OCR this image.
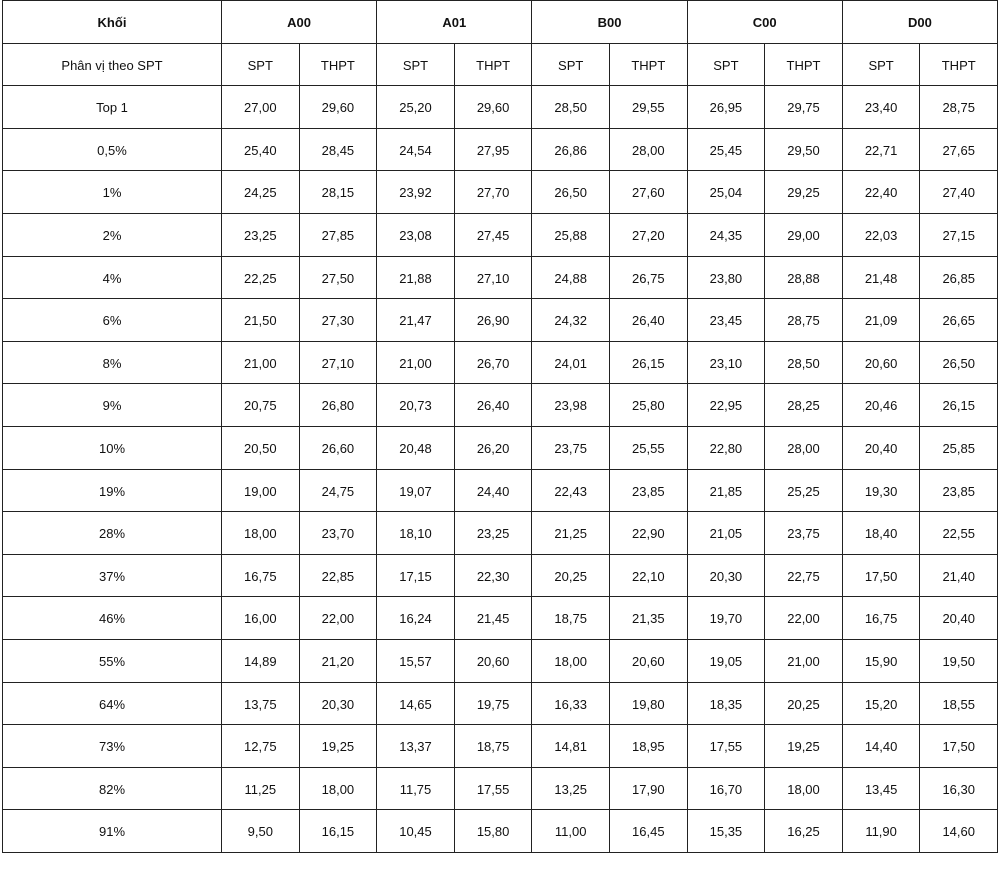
Khối	A00		A01		B00		C00		D00	

Phân vị theo SPT	SPT	THPT	SPT	THPT	SPT	THPT	SPT	THPT	SPT	THPT

Top 1	27,00	29,60	25,20	29,60	28,50	29,55	26,95	29,75	23,40	28,75

0,5%	25,40	28,45	24,54	27,95	26,86	28,00	25,45	29,50	22,71	27,65

1%	24,25	28,15	23,92	27,70	26,50	27,60	25,04	29,25	22,40	27,40

2%	23,25	27,85	23,08	27,45	25,88	27,20	24,35	29,00	22,03	27,15

4%	22,25	27,50	21,88	27,10	24,88	26,75	23,80	28,88	21,48	26,85

6%	21,50	27,30	21,47	26,90	24,32	26,40	23,45	28,75	21,09	26,65

8%	21,00	27,10	21,00	26,70	24,01	26,15	23,10	28,50	20,60	26,50

9%	20,75	26,80	20,73	26,40	23,98	25,80	22,95	28,25	20,46	26,15

10%	20,50	26,60	20,48	26,20	23,75	25,55	22,80	28,00	20,40	25,85

19%	19,00	24,75	19,07	24,40	22,43	23,85	21,85	25,25	19,30	23,85

28%	18,00	23,70	18,10	23,25	21,25	22,90	21,05	23,75	18,40	22,55

37%	16,75	22,85	17,15	22,30	20,25	22,10	20,30	22,75	17,50	21,40

46%	16,00	22,00	16,24	21,45	18,75	21,35	19,70	22,00	16,75	20,40

55%	14,89	21,20	15,57	20,60	18,00	20,60	19,05	21,00	15,90	19,50

64%	13,75	20,30	14,65	19,75	16,33	19,80	18,35	20,25	15,20	18,55

73%	12,75	19,25	13,37	18,75	14,81	18,95	17,55	19,25	14,40	17,50

82%	11,25	18,00	11,75	17,55	13,25	17,90	16,70	18,00	13,45	16,30

91%	9,50	16,15	10,45	15,80	11,00	16,45	15,35	16,25	11,90	14,60
